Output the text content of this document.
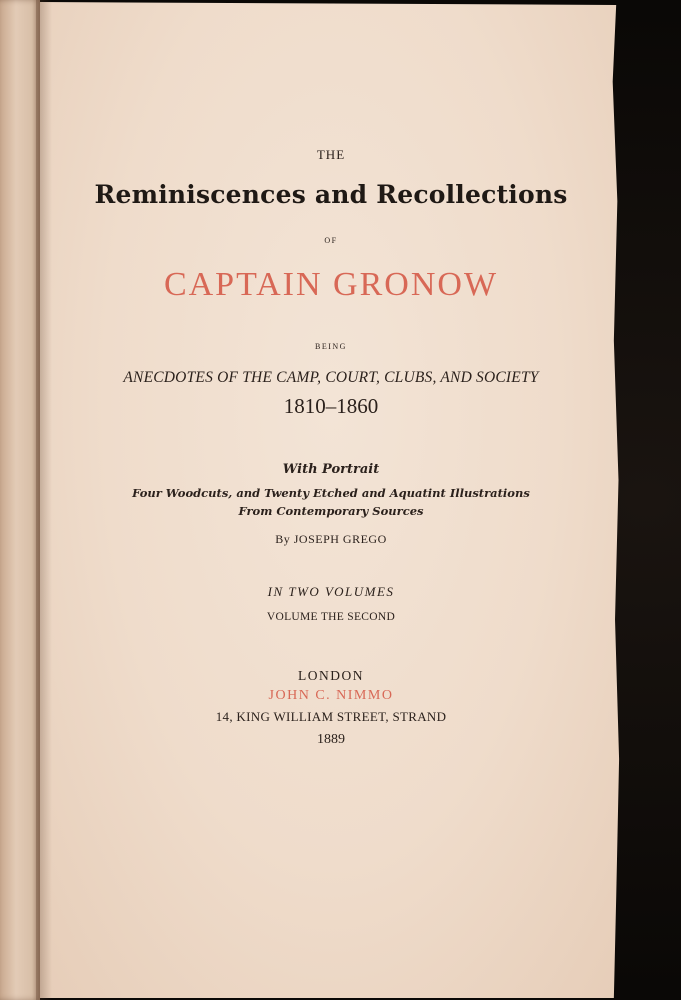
THE
Reminiscences and Recollections
OF
CAPTAIN GRONOW
BEING
ANECDOTES OF THE CAMP, COURT, CLUBS, AND SOCIETY
1810–1860
With Portrait
Four Woodcuts, and Twenty Etched and Aquatint Illustrations
From Contemporary Sources
By JOSEPH GREGO
IN TWO VOLUMES
VOLUME THE SECOND
LONDON
JOHN C. NIMMO
14, KING WILLIAM STREET, STRAND
1889
